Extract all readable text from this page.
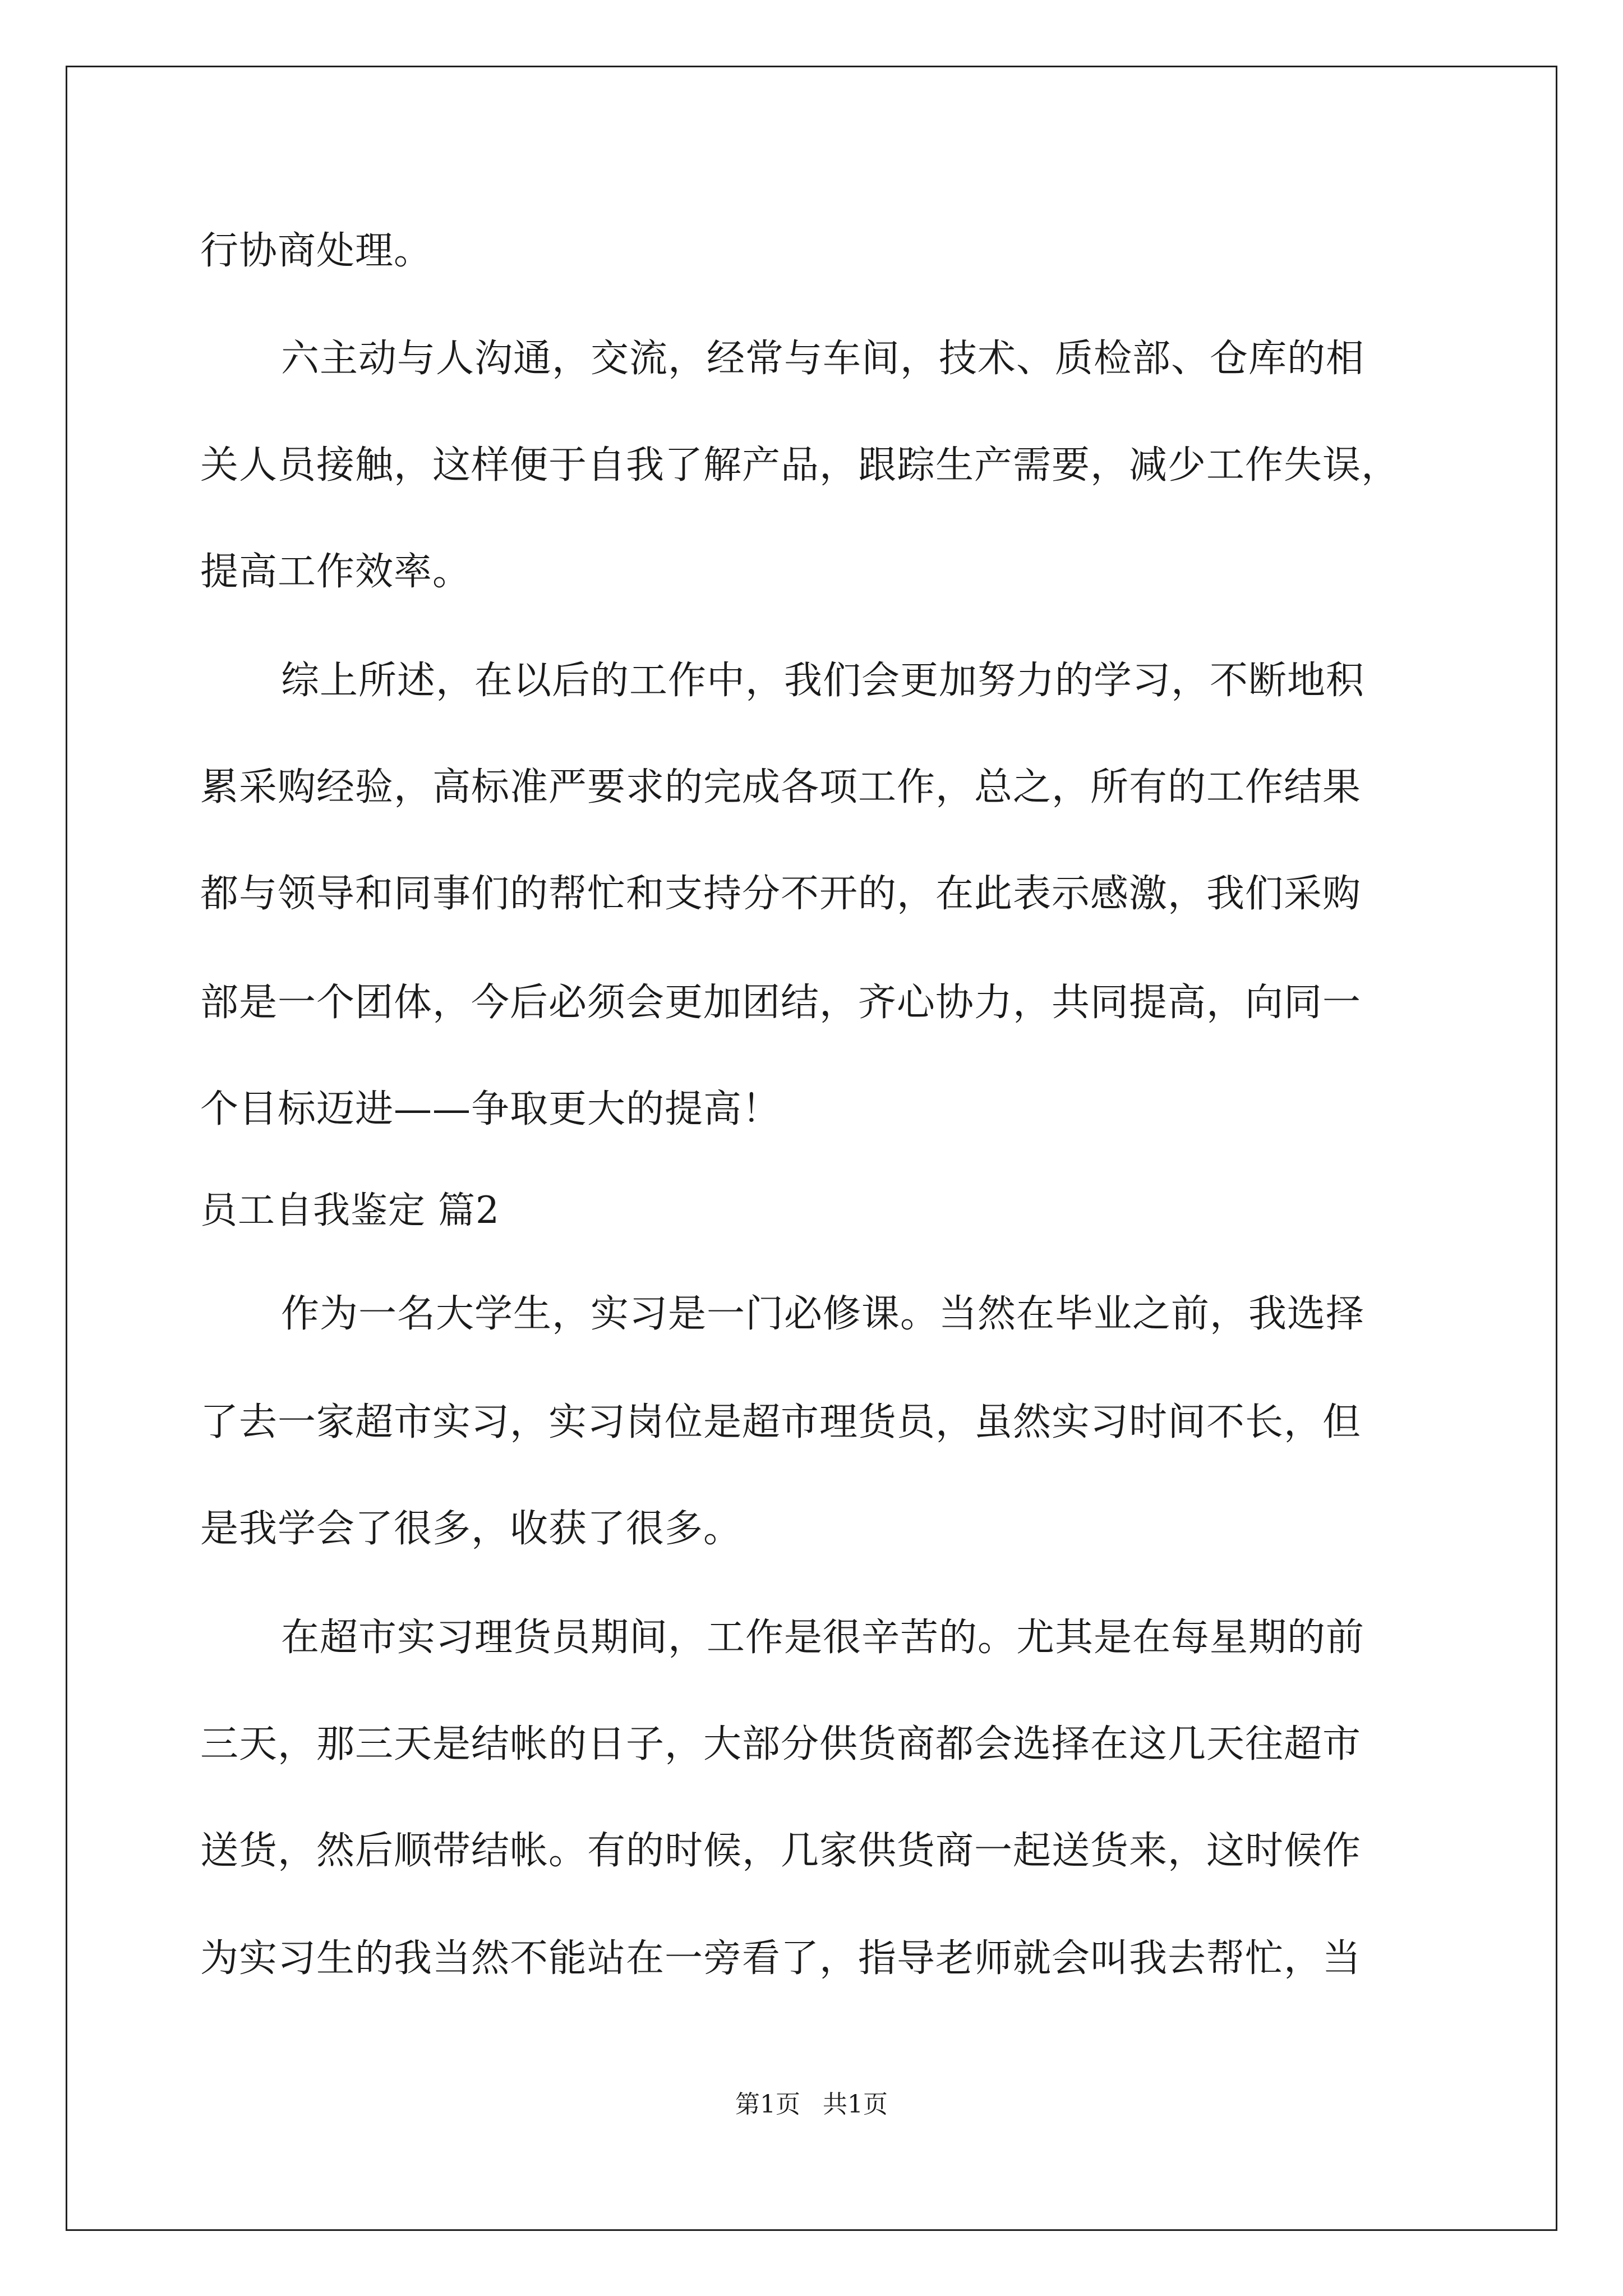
行协商处理。
六主动与人沟通，交流，经常与车间，技术、质检部、仓库的相
关人员接触，这样便于自我了解产品，跟踪生产需要，减少工作失误，
提高工作效率。
综上所述，在以后的工作中，我们会更加努力的学习，不断地积
累采购经验，高标准严要求的完成各项工作，总之，所有的工作结果
都与领导和同事们的帮忙和支持分不开的，在此表示感激，我们采购
部是一个团体，今后必须会更加团结，齐心协力，共同提高，向同一
个目标迈进——争取更大的提高！
员工自我鉴定 篇2
作为一名大学生，实习是一门必修课。当然在毕业之前，我选择
了去一家超市实习，实习岗位是超市理货员，虽然实习时间不长，但
是我学会了很多，收获了很多。
在超市实习理货员期间，工作是很辛苦的。尤其是在每星期的前
三天，那三天是结帐的日子，大部分供货商都会选择在这几天往超市
送货，然后顺带结帐。有的时候，几家供货商一起送货来，这时候作
为实习生的我当然不能站在一旁看了，指导老师就会叫我去帮忙，当
第1页 共1页
